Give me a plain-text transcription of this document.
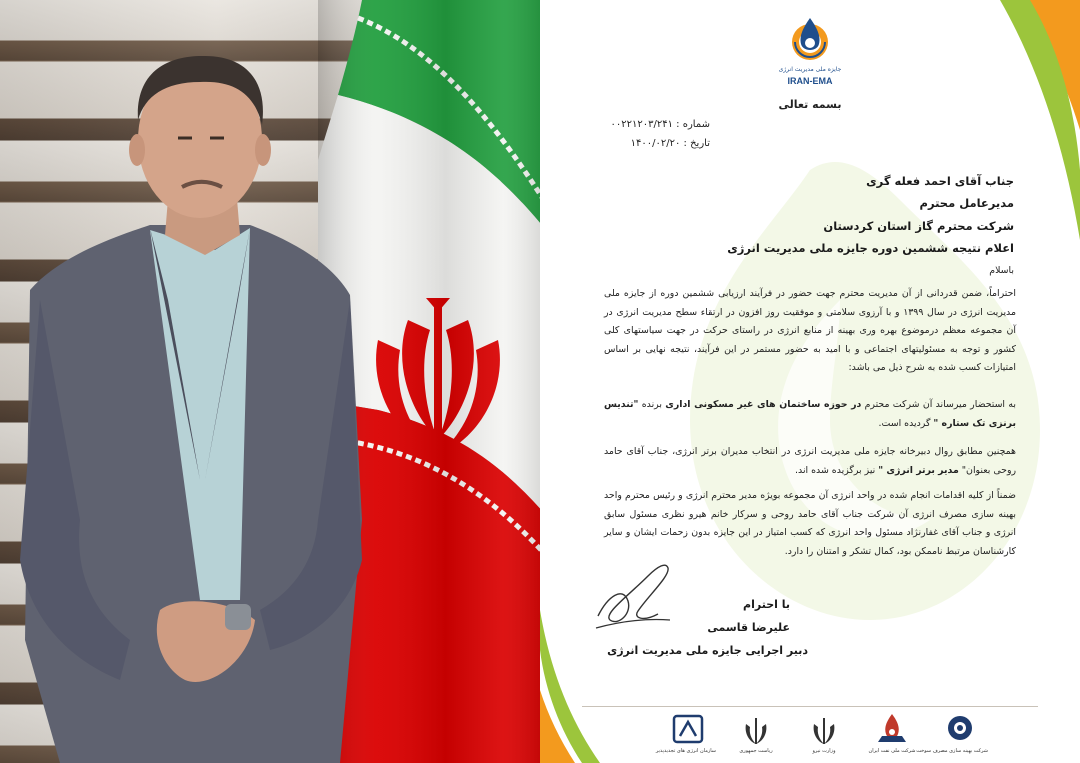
جایزه ملی مدیریت انرژی
IRAN-EMA
بسمه تعالی
شماره : ۰۰۲۲۱۲۰۳/۲۴۱
تاریخ : ۱۴۰۰/۰۲/۲۰
جناب آقای احمد فعله گری
مدیرعامل محترم
شرکت محترم گاز استان کردستان
اعلام نتیجه ششمین دوره جایزه ملی مدیریت انرژی
باسلام
احتراماً، ضمن قدردانی از آن مدیریت محترم جهت حضور در فرآیند ارزیابی ششمین دوره از جایزه ملی مدیریت انرژی در سال ۱۳۹۹ و با آرزوی سلامتی و موفقیت روز افزون در ارتقاء سطح مدیریت انرژی در آن مجموعه معظم درموضوع بهره وری بهینه از منابع انرژی در راستای حرکت در جهت سیاستهای کلی کشور و توجه به مسئولیتهای اجتماعی و با امید به حضور مستمر در این فرآیند، نتیجه نهایی بر اساس امتیازات کسب شده به شرح ذیل می باشد:
به استحضار میرساند آن شرکت محترم در حوزه ساختمان های غیر مسکونی اداری برنده "تندیس برنزی تک ستاره " گردیده است.
همچنین مطابق روال دبیرخانه جایزه ملی مدیریت انرژی در انتخاب مدیران برتر انرژی، جناب آقای حامد روحی بعنوان" مدیر برتر انرژی " نیز برگزیده شده اند.
ضمناً از کلیه اقدامات انجام شده در واحد انرژی آن مجموعه بویژه مدیر محترم انرژی و رئیس محترم واحد بهینه سازی مصرف انرژی آن شرکت جناب آقای حامد روحی و سرکار خانم هیرو نظری مسئول سابق انرژی و جناب آقای غفارنژاد مسئول واحد انرژی که کسب امتیاز در این جایزه بدون زحمات ایشان و سایر کارشناسان مرتبط ناممکن بود، کمال تشکر و امتنان را دارد.
با احترام
علیرضا قاسمی
دبیر اجرایی جایزه ملی مدیریت انرژی
سازمان انرژی های تجدیدپذیر	ریاست جمهوری	وزارت نیرو	شرکت ملی نفت ایران شرکت بهینه سازی مصرف سوخت
